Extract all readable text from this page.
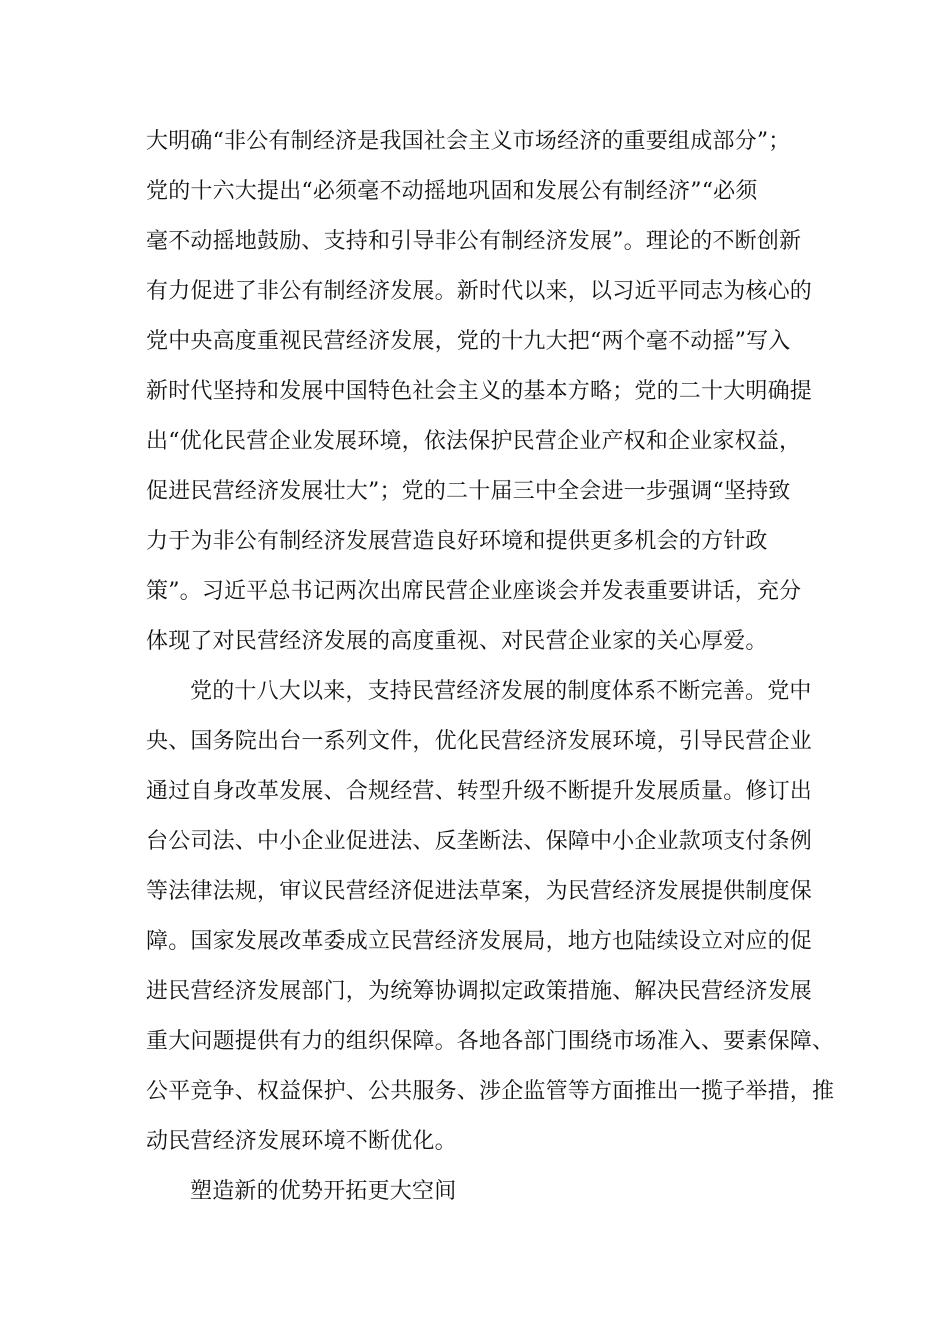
大明确“非公有制经济是我国社会主义市场经济的重要组成部分”；
党的十六大提出“必须毫不动摇地巩固和发展公有制经济”“必须
毫不动摇地鼓励、支持和引导非公有制经济发展”。理论的不断创新
有力促进了非公有制经济发展。新时代以来，以习近平同志为核心的
党中央高度重视民营经济发展，党的十九大把“两个毫不动摇”写入
新时代坚持和发展中国特色社会主义的基本方略；党的二十大明确提
出“优化民营企业发展环境，依法保护民营企业产权和企业家权益，
促进民营经济发展壮大”；党的二十届三中全会进一步强调“坚持致
力于为非公有制经济发展营造良好环境和提供更多机会的方针政
策”。习近平总书记两次出席民营企业座谈会并发表重要讲话，充分
体现了对民营经济发展的高度重视、对民营企业家的关心厚爱。
党的十八大以来，支持民营经济发展的制度体系不断完善。党中
央、国务院出台一系列文件，优化民营经济发展环境，引导民营企业
通过自身改革发展、合规经营、转型升级不断提升发展质量。修订出
台公司法、中小企业促进法、反垄断法、保障中小企业款项支付条例
等法律法规，审议民营经济促进法草案，为民营经济发展提供制度保
障。国家发展改革委成立民营经济发展局，地方也陆续设立对应的促
进民营经济发展部门，为统筹协调拟定政策措施、解决民营经济发展
重大问题提供有力的组织保障。各地各部门围绕市场准入、要素保障、
公平竞争、权益保护、公共服务、涉企监管等方面推出一揽子举措，推
动民营经济发展环境不断优化。
塑造新的优势开拓更大空间
